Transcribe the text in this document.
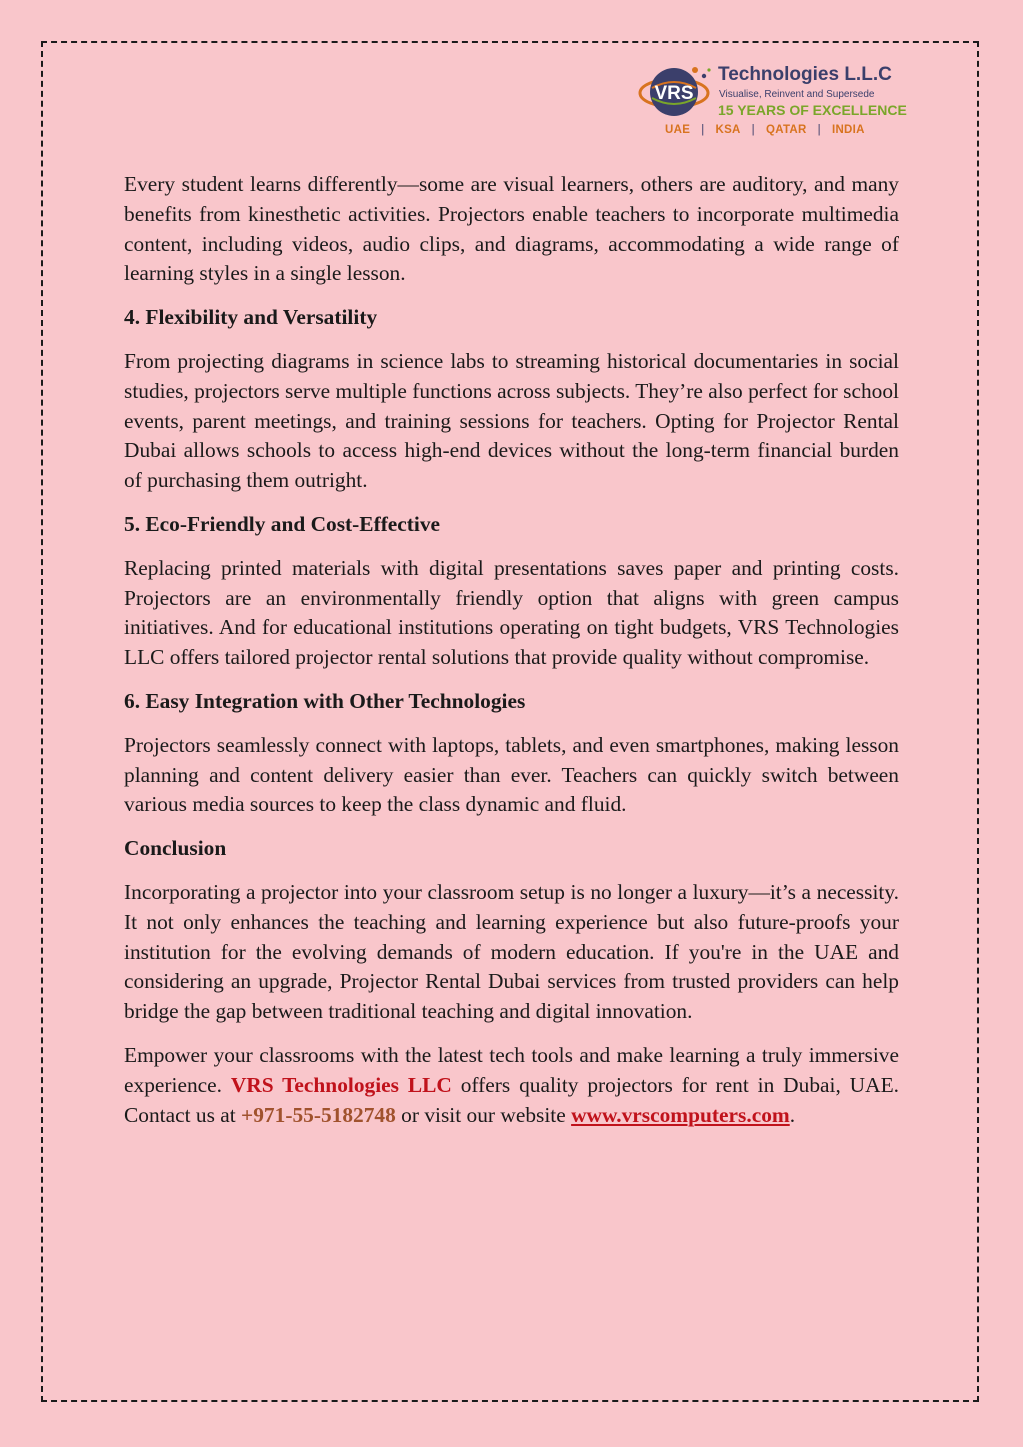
VRS
Technologies L.L.C
Visualise, Reinvent and Supersede
15 YEARS OF EXCELLENCE
UAE | KSA | QATAR | INDIA

Every student learns differently—some are visual learners, others are auditory, and many benefits from kinesthetic activities. Projectors enable teachers to incorporate multimedia content, including videos, audio clips, and diagrams, accommodating a wide range of learning styles in a single lesson.

4. Flexibility and Versatility

From projecting diagrams in science labs to streaming historical documentaries in social studies, projectors serve multiple functions across subjects. They’re also perfect for school events, parent meetings, and training sessions for teachers. Opting for Projector Rental Dubai allows schools to access high-end devices without the long-term financial burden of purchasing them outright.

5. Eco-Friendly and Cost-Effective

Replacing printed materials with digital presentations saves paper and printing costs. Projectors are an environmentally friendly option that aligns with green campus initiatives. And for educational institutions operating on tight budgets, VRS Technologies LLC offers tailored projector rental solutions that provide quality without compromise.

6. Easy Integration with Other Technologies

Projectors seamlessly connect with laptops, tablets, and even smartphones, making lesson planning and content delivery easier than ever. Teachers can quickly switch between various media sources to keep the class dynamic and fluid.

Conclusion

Incorporating a projector into your classroom setup is no longer a luxury—it’s a necessity. It not only enhances the teaching and learning experience but also future-proofs your institution for the evolving demands of modern education. If you're in the UAE and considering an upgrade, Projector Rental Dubai services from trusted providers can help bridge the gap between traditional teaching and digital innovation.

Empower your classrooms with the latest tech tools and make learning a truly immersive experience. VRS Technologies LLC offers quality projectors for rent in Dubai, UAE. Contact us at +971-55-5182748 or visit our website www.vrscomputers.com.
